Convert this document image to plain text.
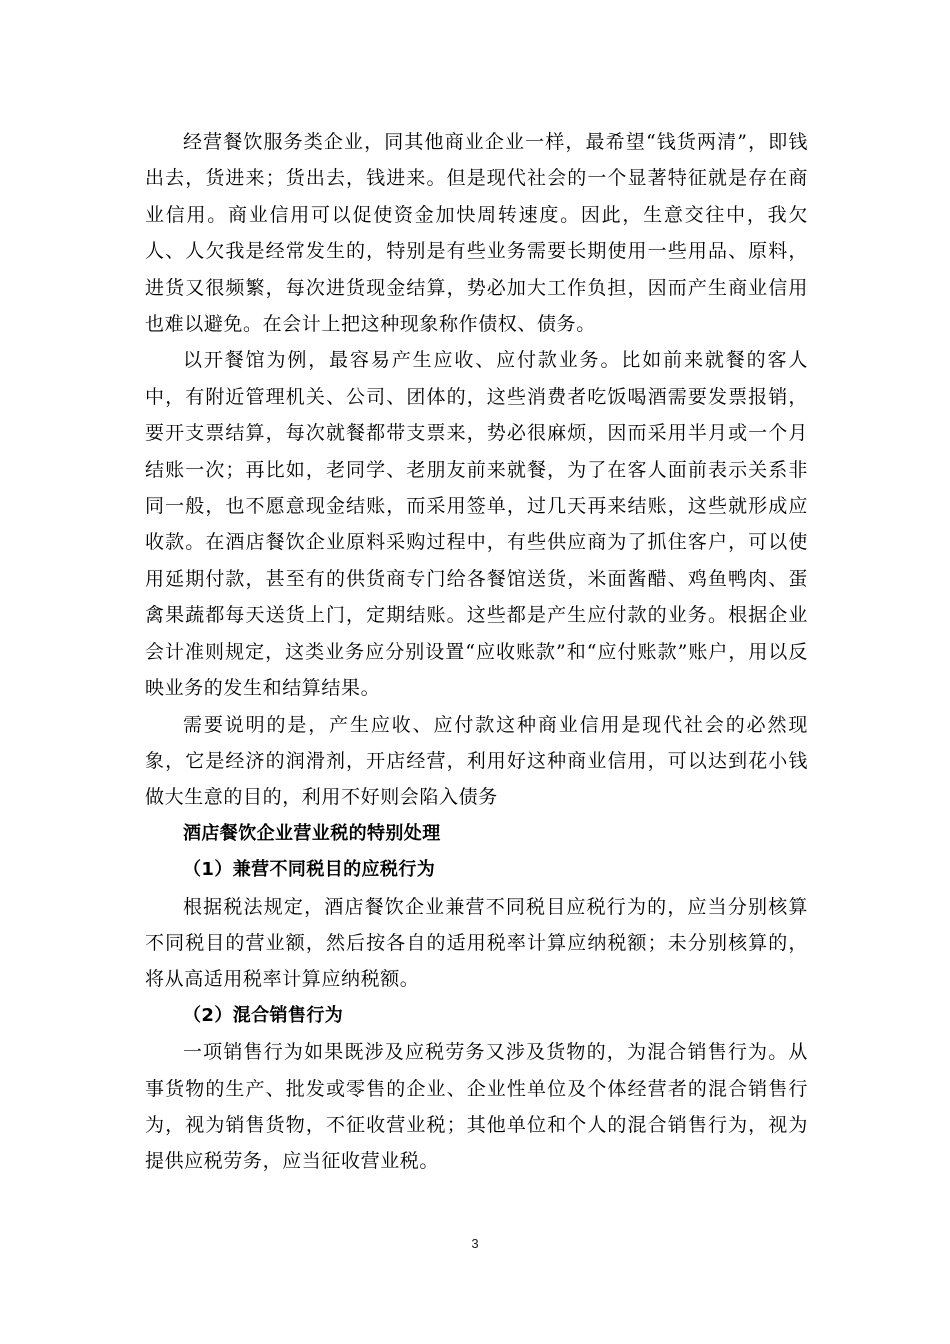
经营餐饮服务类企业，同其他商业企业一样，最希望“钱货两清”，即钱出去，货进来；货出去，钱进来。但是现代社会的一个显著特征就是存在商业信用。商业信用可以促使资金加快周转速度。因此，生意交往中，我欠人、人欠我是经常发生的，特别是有些业务需要长期使用一些用品、原料，进货又很频繁，每次进货现金结算，势必加大工作负担，因而产生商业信用也难以避免。在会计上把这种现象称作债权、债务。

以开餐馆为例，最容易产生应收、应付款业务。比如前来就餐的客人中，有附近管理机关、公司、团体的，这些消费者吃饭喝酒需要发票报销，要开支票结算，每次就餐都带支票来，势必很麻烦，因而采用半月或一个月结账一次；再比如，老同学、老朋友前来就餐，为了在客人面前表示关系非同一般，也不愿意现金结账，而采用签单，过几天再来结账，这些就形成应收款。在酒店餐饮企业原料采购过程中，有些供应商为了抓住客户，可以使用延期付款，甚至有的供货商专门给各餐馆送货，米面酱醋、鸡鱼鸭肉、蛋禽果蔬都每天送货上门，定期结账。这些都是产生应付款的业务。根据企业会计准则规定，这类业务应分别设置“应收账款”和“应付账款”账户，用以反映业务的发生和结算结果。

需要说明的是，产生应收、应付款这种商业信用是现代社会的必然现象，它是经济的润滑剂，开店经营，利用好这种商业信用，可以达到花小钱做大生意的目的，利用不好则会陷入债务

酒店餐饮企业营业税的特别处理

（1）兼营不同税目的应税行为

根据税法规定，酒店餐饮企业兼营不同税目应税行为的，应当分别核算不同税目的营业额，然后按各自的适用税率计算应纳税额；未分别核算的，将从高适用税率计算应纳税额。

（2）混合销售行为

一项销售行为如果既涉及应税劳务又涉及货物的，为混合销售行为。从事货物的生产、批发或零售的企业、企业性单位及个体经营者的混合销售行为，视为销售货物，不征收营业税；其他单位和个人的混合销售行为，视为提供应税劳务，应当征收营业税。

3
